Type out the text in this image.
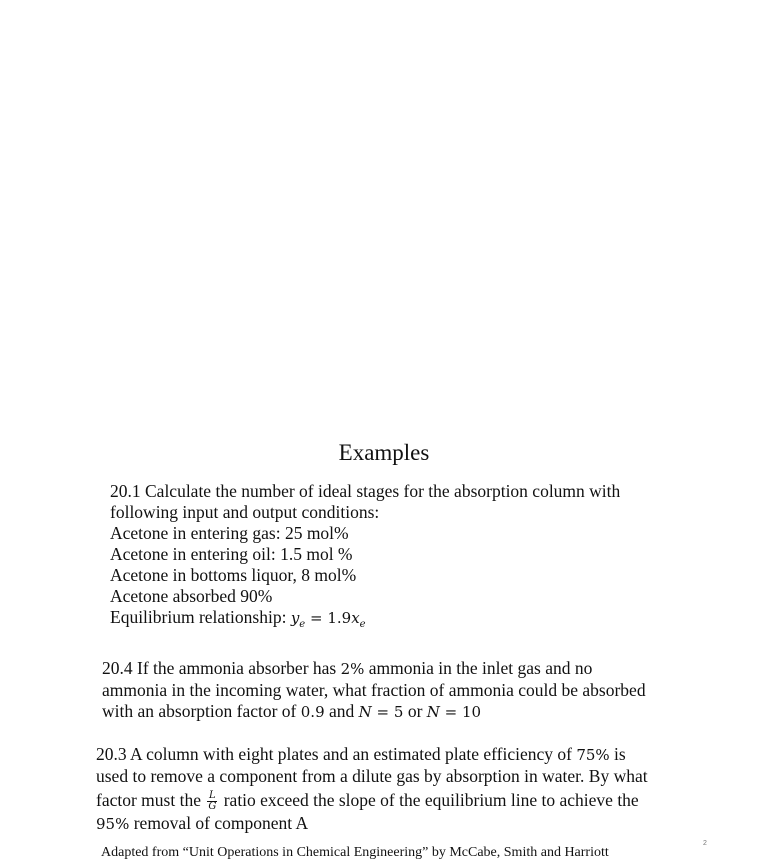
Examples
20.1 Calculate the number of ideal stages for the absorption column with
following input and output conditions:
Acetone in entering gas: 25 mol%
Acetone in entering oil: 1.5 mol %
Acetone in bottoms liquor, 8 mol%
Acetone absorbed 90%
Equilibrium relationship: $y_e = 1.9x_e$
20.4 If the ammonia absorber has 2% ammonia in the inlet gas and no
ammonia in the incoming water, what fraction of ammonia could be absorbed
with an absorption factor of 0.9 and N = 5 or N = 10
20.3 A column with eight plates and an estimated plate efficiency of 75% is
used to remove a component from a dilute gas by absorption in water. By what
factor must the $\frac{L}{G}$ ratio exceed the slope of the equilibrium line to achieve the
95% removal of component A
Adapted from “Unit Operations in Chemical Engineering” by McCabe, Smith and Harriott
2
